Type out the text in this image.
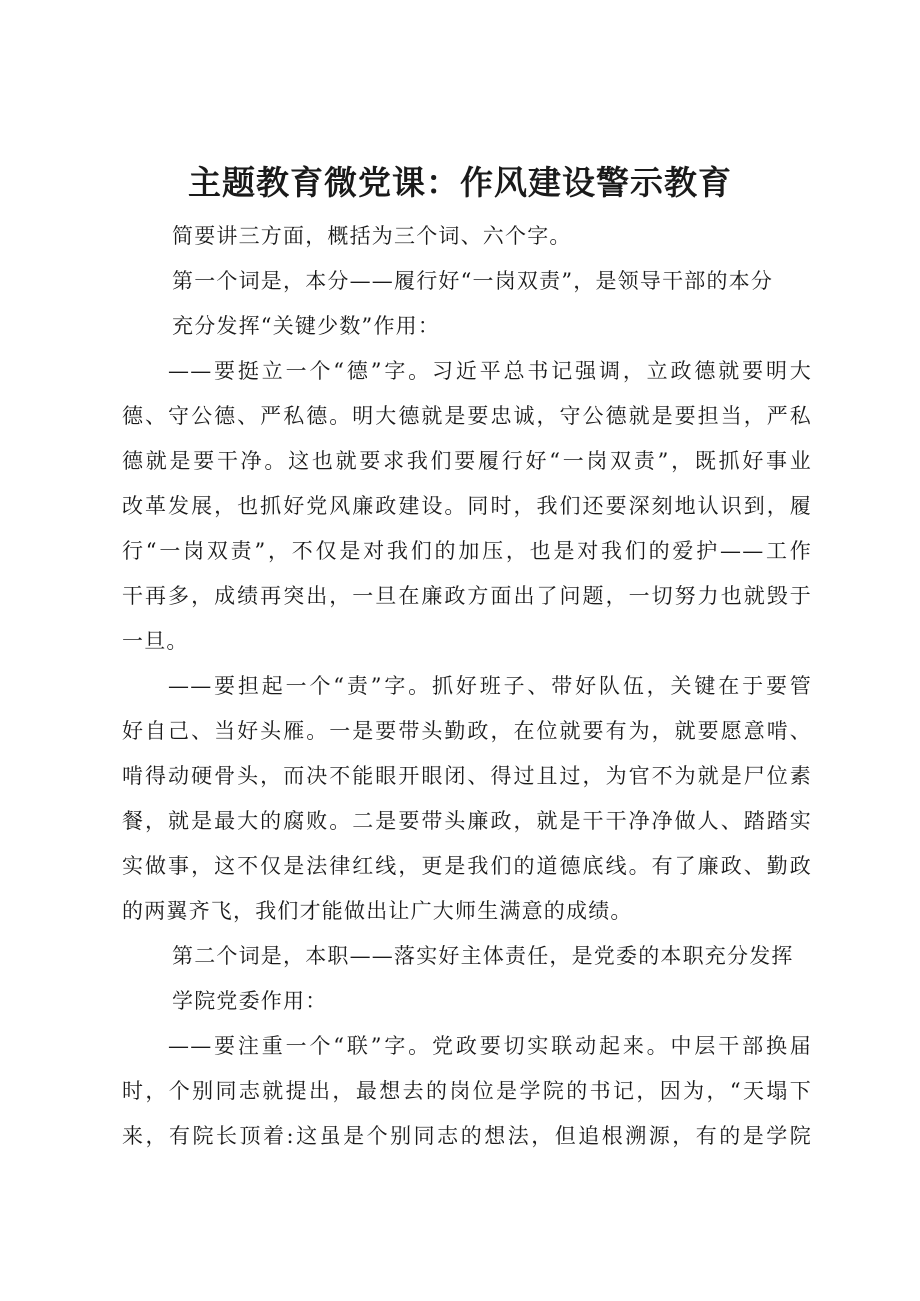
主题教育微党课：作风建设警示教育

简要讲三方面，概括为三个词、六个字。

第一个词是，本分——履行好“一岗双责”，是领导干部的本分

充分发挥“关键少数”作用：

——要挺立一个“德”字。习近平总书记强调，立政德就要明大

德、守公德、严私德。明大德就是要忠诚，守公德就是要担当，严私

德就是要干净。这也就要求我们要履行好“一岗双责”，既抓好事业

改革发展，也抓好党风廉政建设。同时，我们还要深刻地认识到，履

行“一岗双责”，不仅是对我们的加压，也是对我们的爱护——工作

干再多，成绩再突出，一旦在廉政方面出了问题，一切努力也就毁于

一旦。

——要担起一个“责”字。抓好班子、带好队伍，关键在于要管

好自己、当好头雁。一是要带头勤政，在位就要有为，就要愿意啃、

啃得动硬骨头，而决不能眼开眼闭、得过且过，为官不为就是尸位素

餐，就是最大的腐败。二是要带头廉政，就是干干净净做人、踏踏实

实做事，这不仅是法律红线，更是我们的道德底线。有了廉政、勤政

的两翼齐飞，我们才能做出让广大师生满意的成绩。

第二个词是，本职——落实好主体责任，是党委的本职充分发挥

学院党委作用：

——要注重一个“联”字。党政要切实联动起来。中层干部换届

时，个别同志就提出，最想去的岗位是学院的书记，因为，“天塌下

来，有院长顶着:这虽是个别同志的想法，但追根溯源，有的是学院
